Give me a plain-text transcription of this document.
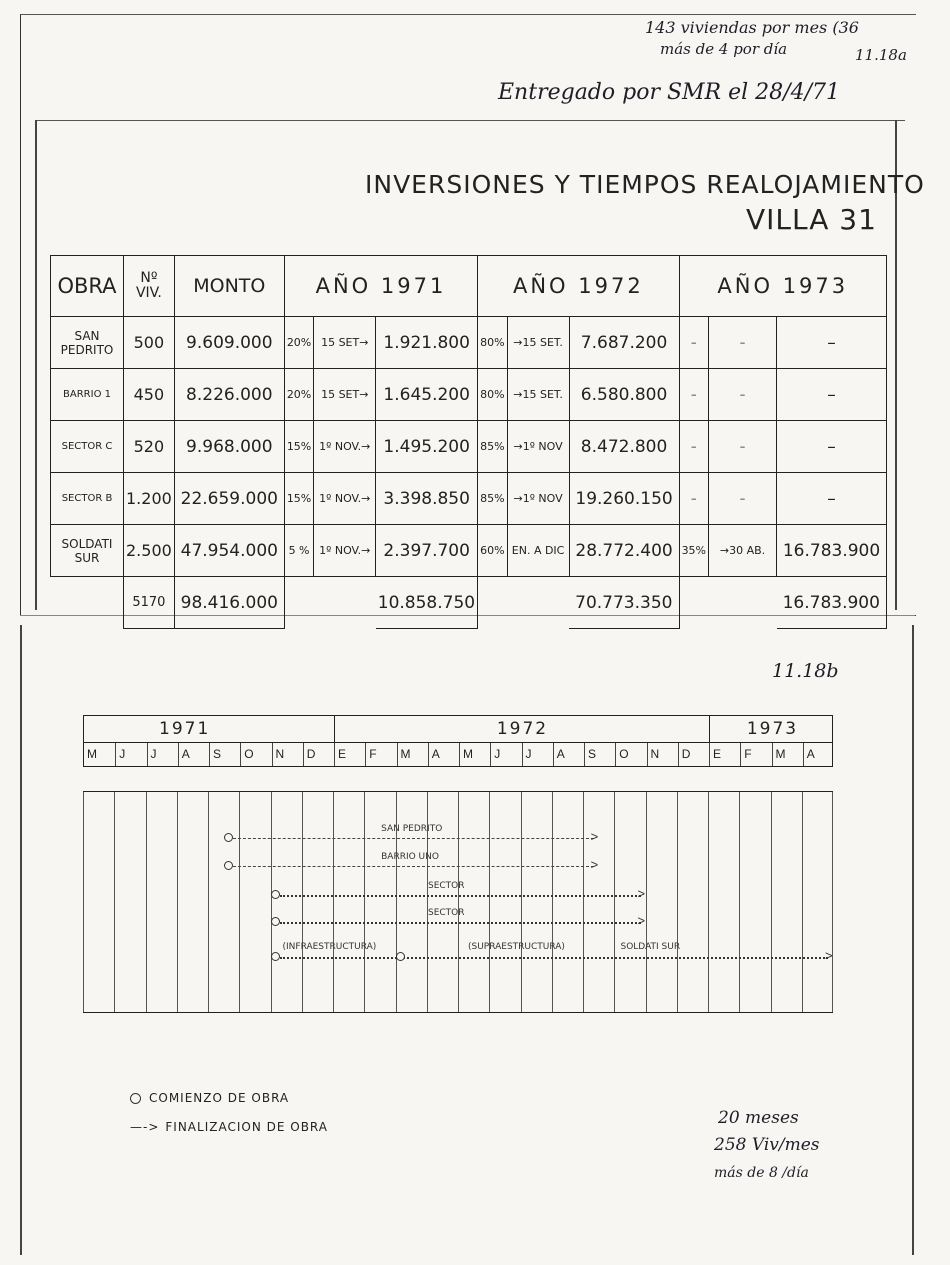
143 viviendas por mes (36
más de 4 por día	11.18a
Entregado por SMR el 28/4/71
11.18b
20 meses
258 Viv/mes
más de 8 /día
INVERSIONES Y TIEMPOS REALOJAMIENTO
VILLA 31
OBRA	Nº VIV.	MONTO	AÑO 1971			AÑO 1972			AÑO 1973		
SAN PEDRITO	500	9.609.000	20%	15 SET→	1.921.800	80%	→15 SET.	7.687.200	–	–	–
BARRIO 1	450	8.226.000	20%	15 SET→	1.645.200	80%	→15 SET.	6.580.800	–	–	–
SECTOR C	520	9.968.000	15%	1º NOV.→	1.495.200	85%	→1º NOV	8.472.800	–	–	–
SECTOR B	1.200	22.659.000	15%	1º NOV.→	3.398.850	85%	→1º NOV	19.260.150	–	–	–
SOLDATI SUR	2.500	47.954.000	5 %	1º NOV.→	2.397.700	60%	EN. A DIC	28.772.400	35%	→30 AB.	16.783.900
	5170	98.416.000			10.858.750			70.773.350			16.783.900
1971	1972	1973
M	J	J	A	S	O	N	D	E	F	M	A	M	J	J	A	S	O	N	D	E	F	M	A
>
SAN PEDRITO
>
BARRIO UNO
>
SECTOR
>
SECTOR
>
(INFRAESTRUCTURA)	(SUPRAESTRUCTURA)	SOLDATI SUR
COMIENZO DE OBRA
—-> FINALIZACION DE OBRA
